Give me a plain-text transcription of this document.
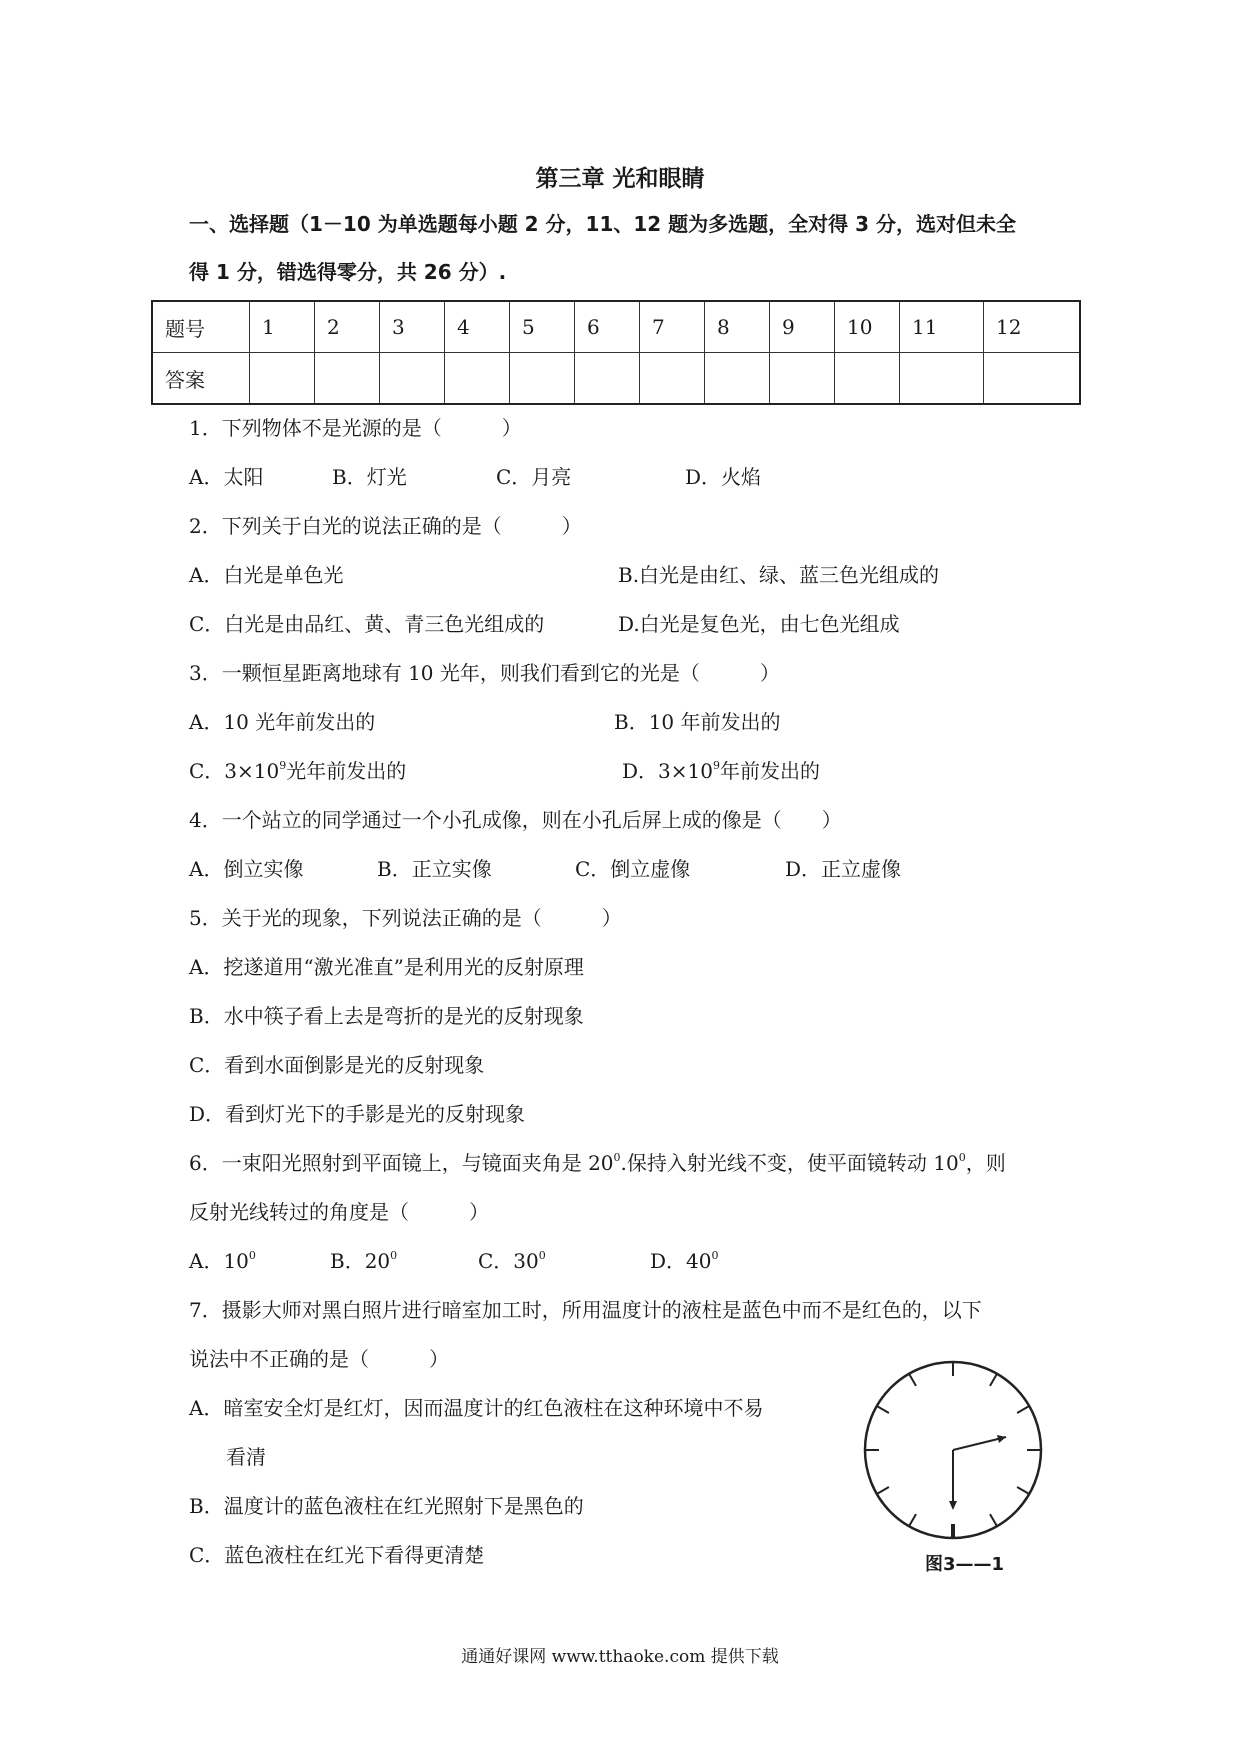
第三章 光和眼睛
一、选择题（1－10 为单选题每小题 2 分，11、12 题为多选题，全对得 3 分，选对但未全
得 1 分，错选得零分，共 26 分）.
题号	1	2	3	4	5	6	7	8	9	10	11	12
答案												
1．下列物体不是光源的是（　　　）
A．太阳	B．灯光	C．月亮	D．火焰
2．下列关于白光的说法正确的是（　　　）
A．白光是单色光	B.白光是由红、绿、蓝三色光组成的
C．白光是由品红、黄、青三色光组成的	D.白光是复色光，由七色光组成
3．一颗恒星距离地球有 10 光年，则我们看到它的光是（　　　）
A．10 光年前发出的	B．10 年前发出的
C．$3\times 10^9$光年前发出的	D．$3\times 10^9$年前发出的
4．一个站立的同学通过一个小孔成像，则在小孔后屏上成的像是（　　）
A．倒立实像	B．正立实像	C．倒立虚像	D．正立虚像
5．关于光的现象，下列说法正确的是（　　　）
A．挖遂道用“激光准直”是利用光的反射原理
B．水中筷子看上去是弯折的是光的反射现象
C．看到水面倒影是光的反射现象
D．看到灯光下的手影是光的反射现象
6．一束阳光照射到平面镜上，与镜面夹角是 $20^0$.保持入射光线不变，使平面镜转动 $10^0$，则
反射光线转过的角度是（　　　）
A．$10^0$	B．$20^0$	C．$30^0$	D．$40^0$
7．摄影大师对黑白照片进行暗室加工时，所用温度计的液柱是蓝色中而不是红色的，以下
说法中不正确的是（　　　）
A．暗室安全灯是红灯，因而温度计的红色液柱在这种环境中不易
看清
B．温度计的蓝色液柱在红光照射下是黑色的
C．蓝色液柱在红光下看得更清楚	图3——1
通通好课网 www.tthaoke.com 提供下载
